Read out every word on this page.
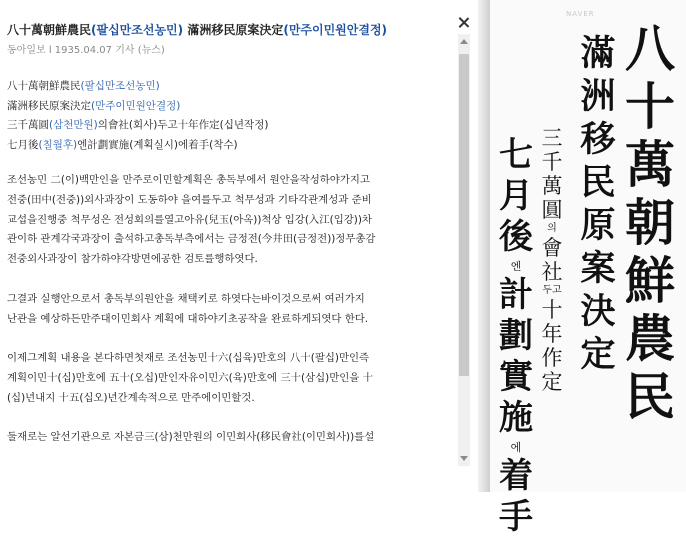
八十萬朝鮮農民(팔십만조선농민) 滿洲移民原案決定(만주이민원안결정)
동아일보 l 1935.04.07 기사 (뉴스)
八十萬朝鮮農民(팔십만조선농민)
滿洲移民原案決定(만주이민원안결정)
三千萬圓(삼천만원)의會社(회사)두고十年作定(십년작정)
七月後(칠월후)엔計劃實施(계획실시)에着手(착수)
조선농민 二(이)백만인을 만주로이민할계획은 총독부에서 원안을작성하야가지고
전중(田中(전중))외사과장이 도동하야 을여를두고 척무성과 기타각관계성과 준비
교섭을진행중 척무성은 전성회의를열고아유(兒玉(아옥))척상 입강(入江(입강))차
관이하 관계각국과장이 출석하고총독부측에서는 금정전(今井田(금정전))정무총감
전중외사과장이 참가하야각방면에공한 검토를행하엿다.
그결과 실행안으로서 총독부의원안을 채택키로 하엿다는바이것으로써 여러가지
난관을 예상하든만주대이민회사 계획에 대하야기초공작을 완료하게되엿다 한다.
이제그계획 내용을 본다하면첫재로 조선농민十六(십육)만호의 八十(팔십)만인즉
계획이민十(십)만호에 五十(오십)만인자유이민六(육)만호에 三十(삼십)만인을 十
(십)년내지 十五(십오)년간계속적으로 만주에이민할것.
둘재로는 알선기관으로 자본금三(삼)천만원의 이민회사(移民會社(이민회사))를설
NAVER
八
十
萬
朝
鮮
農
民
滿
洲
移
民
原
案
決
定
三
千
萬
圓
의
會
社
두고
十
年
作
定
七
月
後
엔
計
劃
實
施
에
着
手
